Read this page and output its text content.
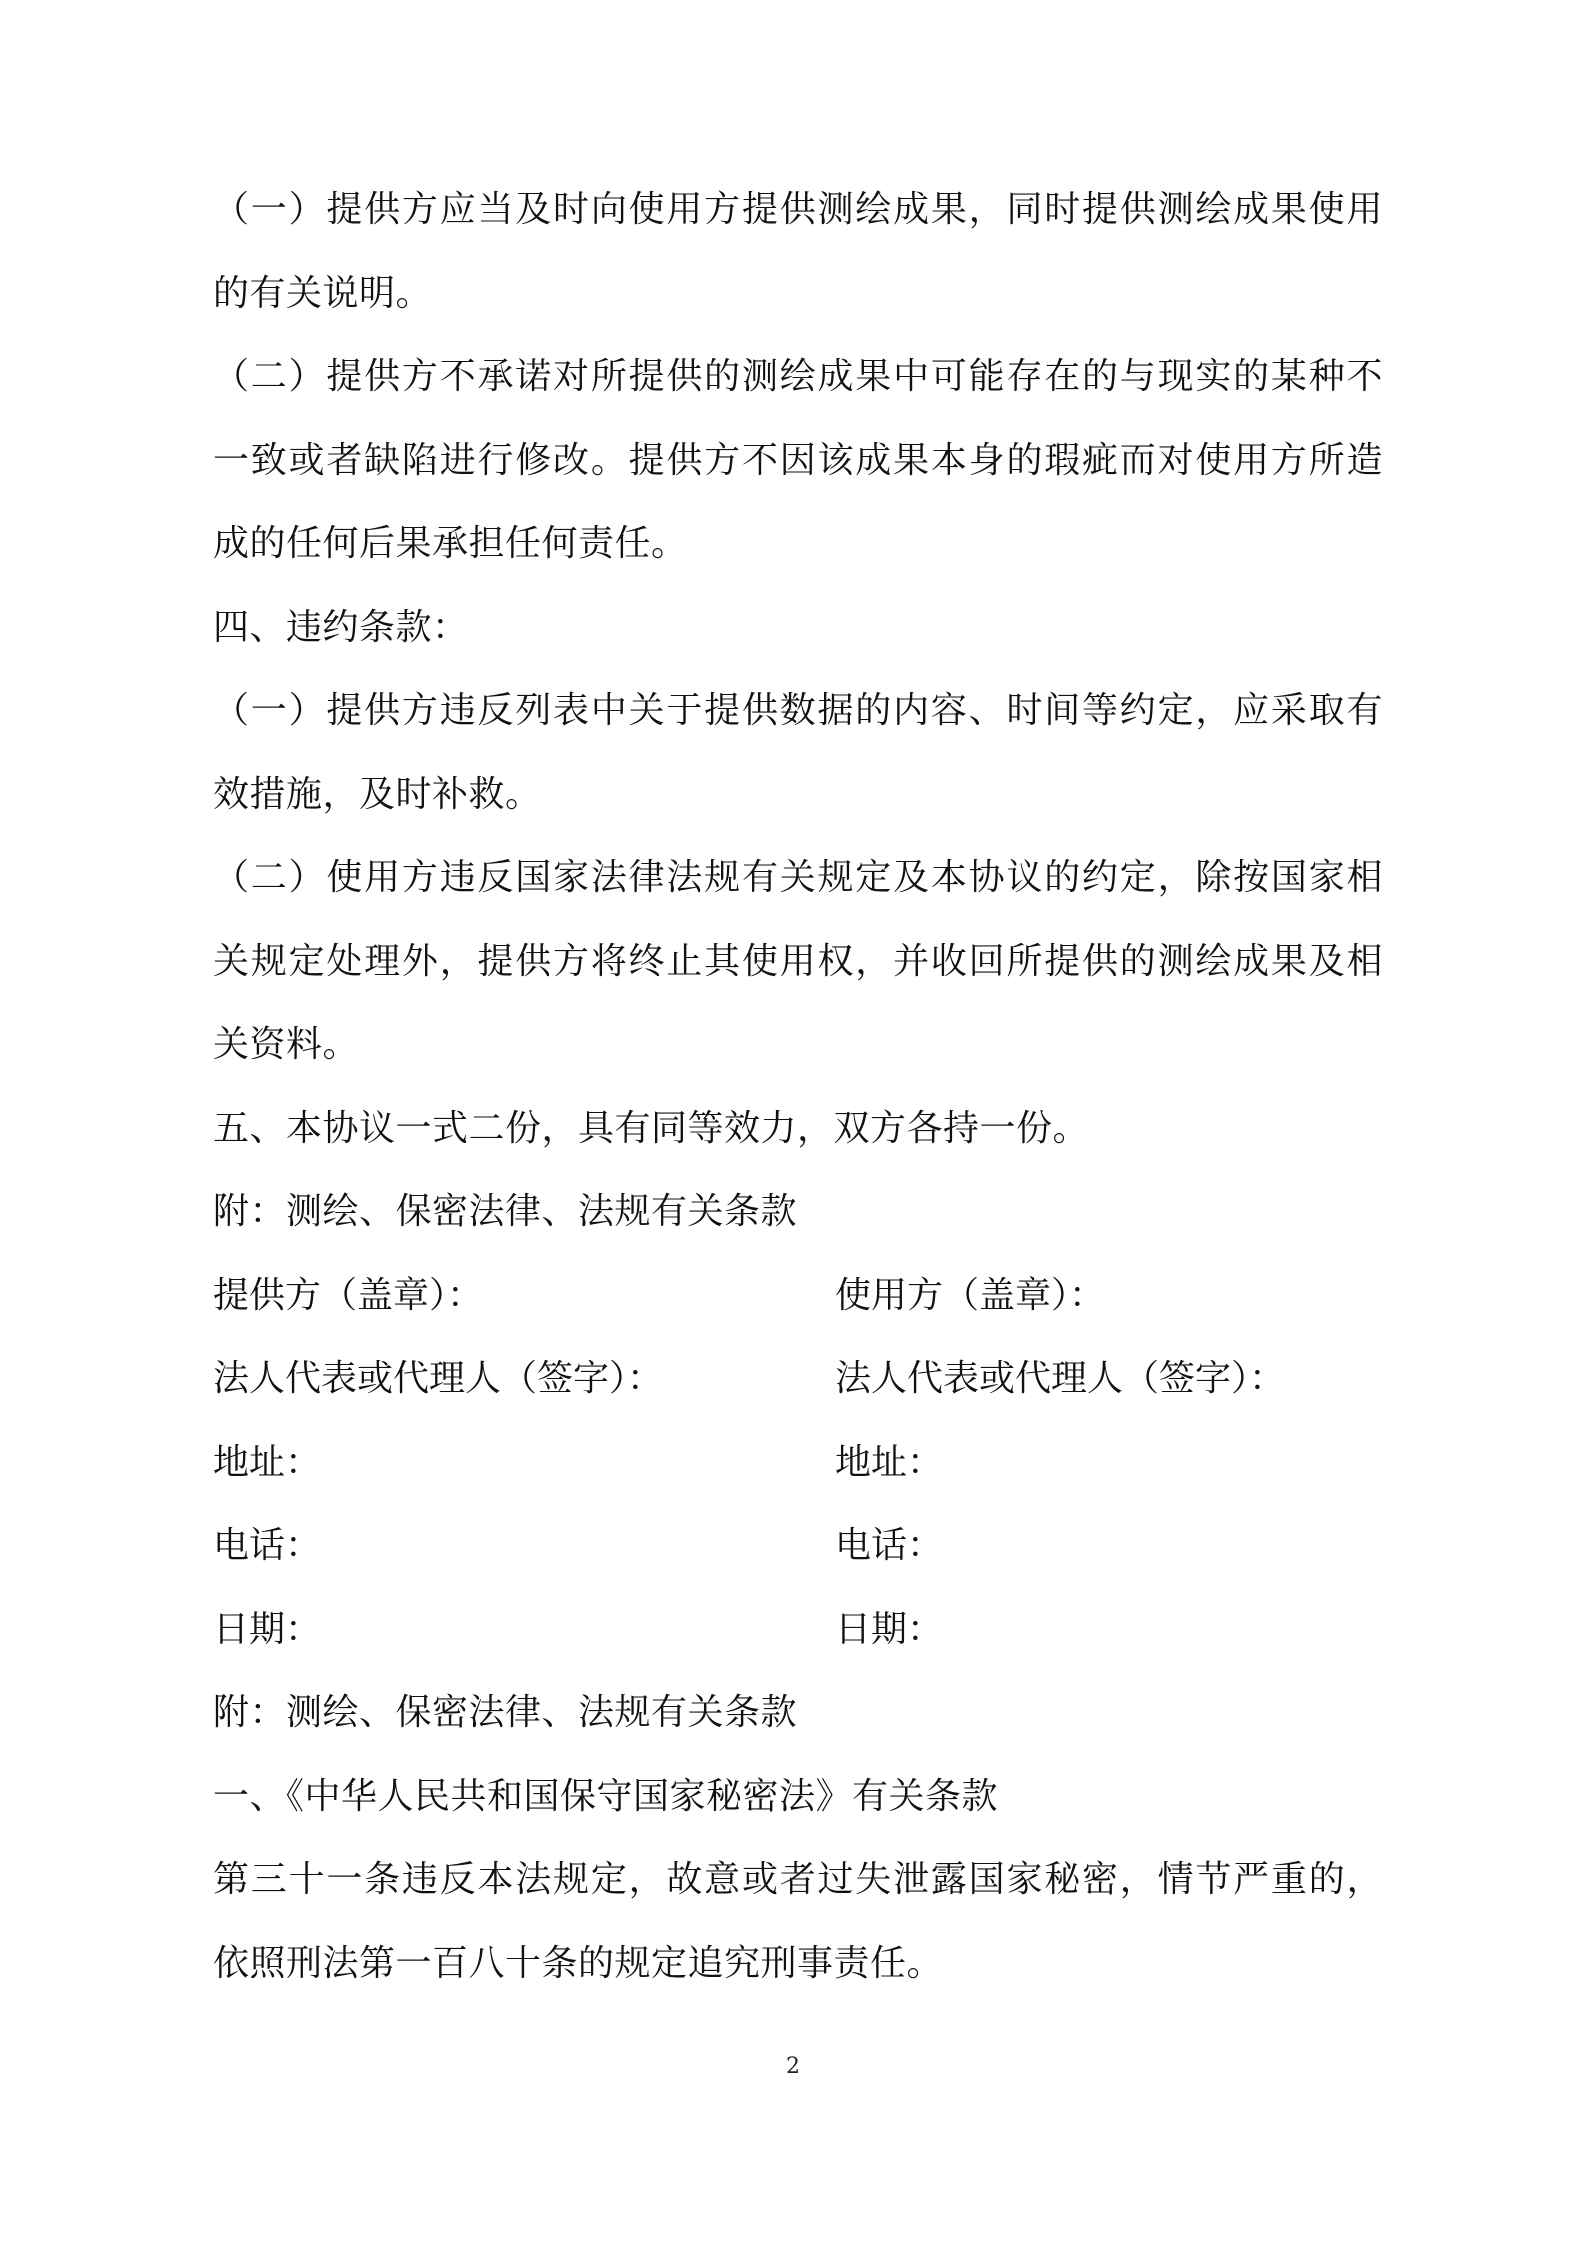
（一）提供方应当及时向使用方提供测绘成果，同时提供测绘成果使用
的有关说明。
（二）提供方不承诺对所提供的测绘成果中可能存在的与现实的某种不
一致或者缺陷进行修改。提供方不因该成果本身的瑕疵而对使用方所造
成的任何后果承担任何责任。
四、违约条款：
（一）提供方违反列表中关于提供数据的内容、时间等约定，应采取有
效措施，及时补救。
（二）使用方违反国家法律法规有关规定及本协议的约定，除按国家相
关规定处理外，提供方将终止其使用权，并收回所提供的测绘成果及相
关资料。
五、本协议一式二份，具有同等效力，双方各持一份。
附：测绘、保密法律、法规有关条款
提供方（盖章）：	使用方（盖章）：
法人代表或代理人（签字）：	法人代表或代理人（签字）：
地址：	地址：
电话：	电话：
日期：	日期：
附：测绘、保密法律、法规有关条款
一、《中华人民共和国保守国家秘密法》有关条款
第三十一条违反本法规定，故意或者过失泄露国家秘密，情节严重的，
依照刑法第一百八十条的规定追究刑事责任。
2
